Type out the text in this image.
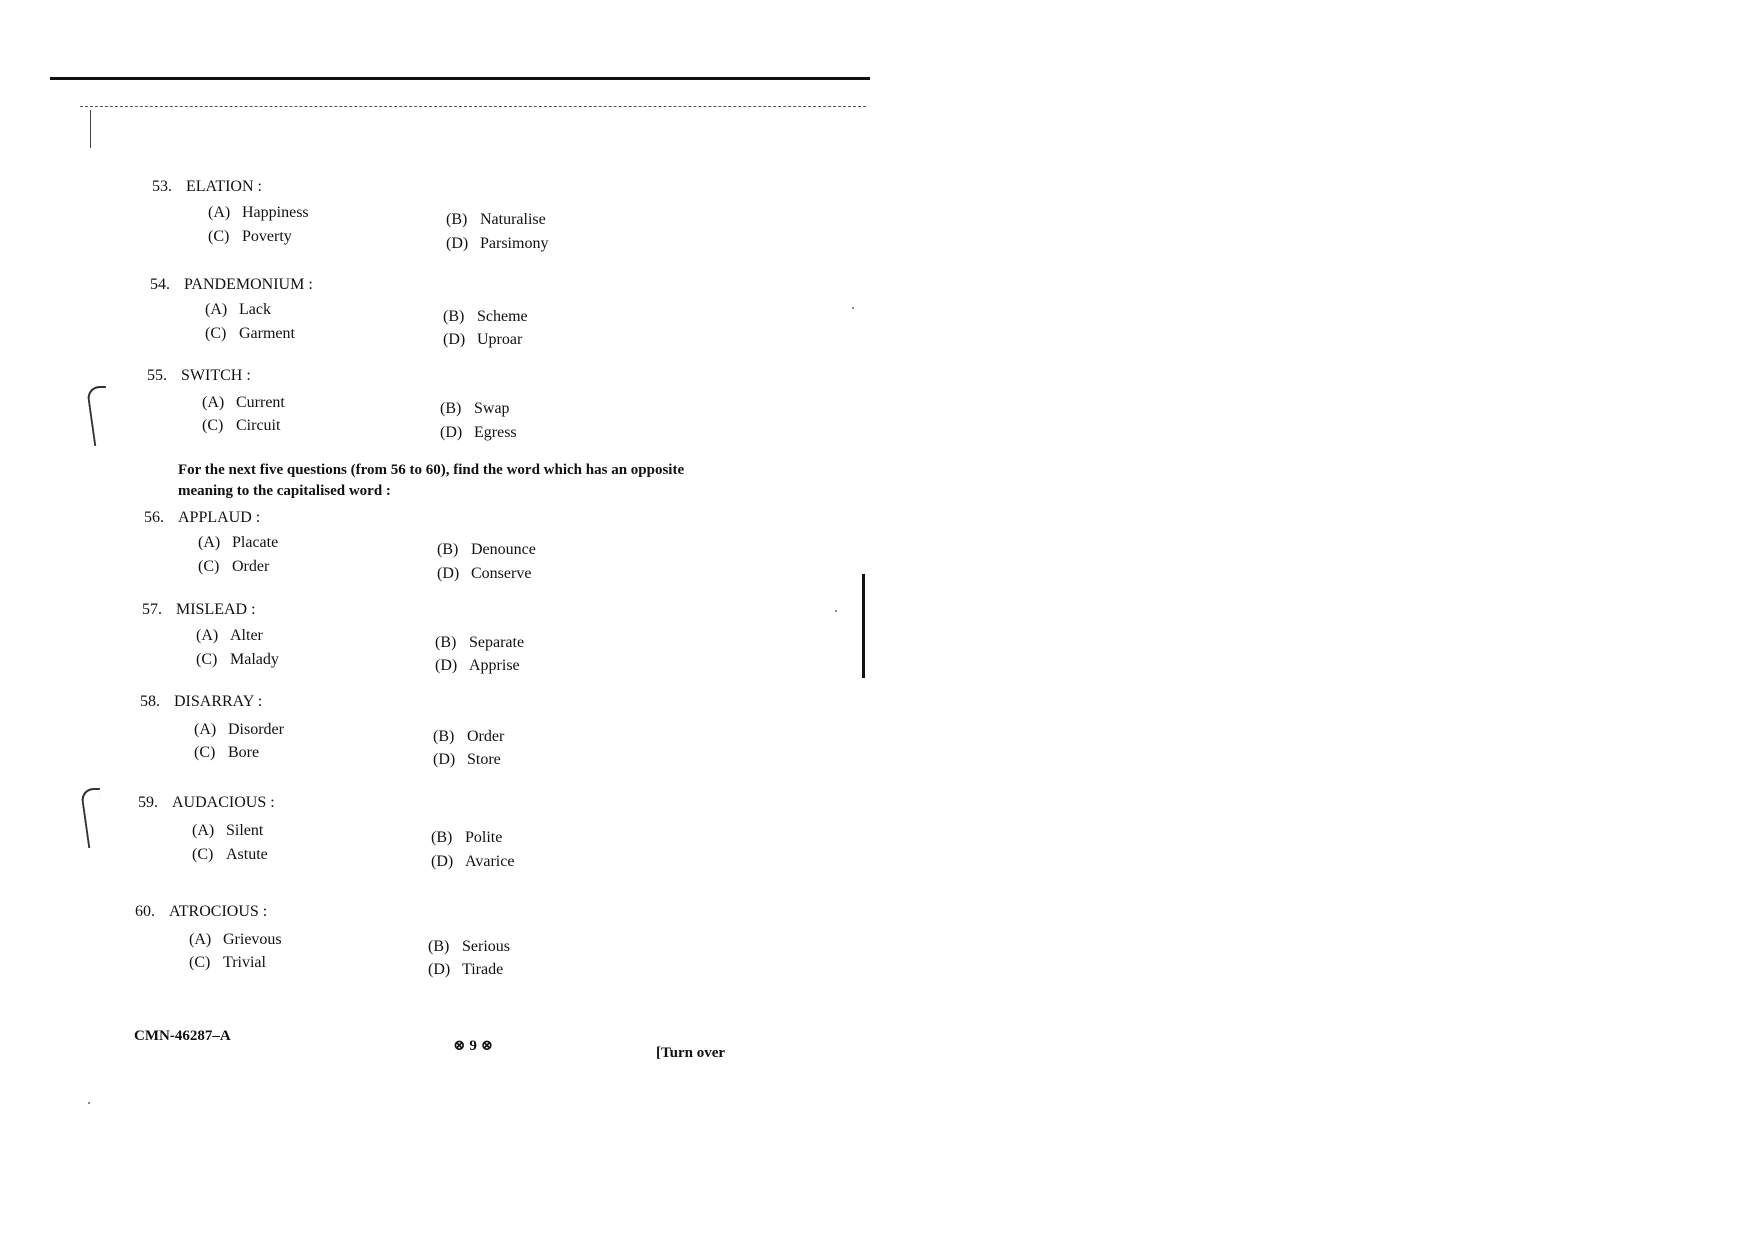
53. ELATION :
(A) Happiness	(B) Naturalise
(C) Poverty	(D) Parsimony
54. PANDEMONIUM :
(A) Lack	(B) Scheme
(C) Garment	(D) Uproar
55. SWITCH :
(A) Current	(B) Swap
(C) Circuit	(D) Egress
For the next five questions (from 56 to 60), find the word which has an opposite meaning to the capitalised word :
56. APPLAUD :
(A) Placate	(B) Denounce
(C) Order	(D) Conserve
57. MISLEAD :
(A) Alter	(B) Separate
(C) Malady	(D) Apprise
58. DISARRAY :
(A) Disorder	(B) Order
(C) Bore	(D) Store
59. AUDACIOUS :
(A) Silent	(B) Polite
(C) Astute	(D) Avarice
60. ATROCIOUS :
(A) Grievous	(B) Serious
(C) Trivial	(D) Tirade
CMN-46287–A
⊗ 9 ⊗	[Turn over
